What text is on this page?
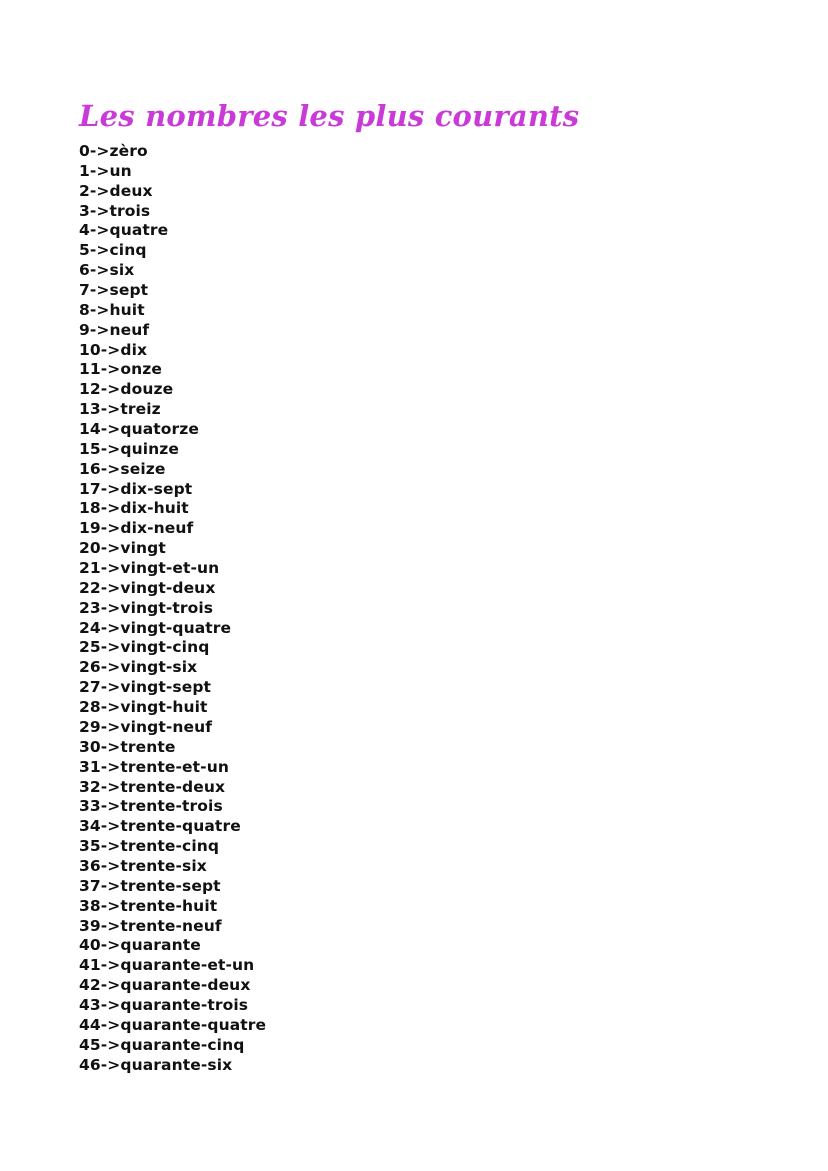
Les nombres les plus courants
0->zèro
1->un
2->deux
3->trois
4->quatre
5->cinq
6->six
7->sept
8->huit
9->neuf
10->dix
11->onze
12->douze
13->treiz
14->quatorze
15->quinze
16->seize
17->dix-sept
18->dix-huit
19->dix-neuf
20->vingt
21->vingt-et-un
22->vingt-deux
23->vingt-trois
24->vingt-quatre
25->vingt-cinq
26->vingt-six
27->vingt-sept
28->vingt-huit
29->vingt-neuf
30->trente
31->trente-et-un
32->trente-deux
33->trente-trois
34->trente-quatre
35->trente-cinq
36->trente-six
37->trente-sept
38->trente-huit
39->trente-neuf
40->quarante
41->quarante-et-un
42->quarante-deux
43->quarante-trois
44->quarante-quatre
45->quarante-cinq
46->quarante-six
